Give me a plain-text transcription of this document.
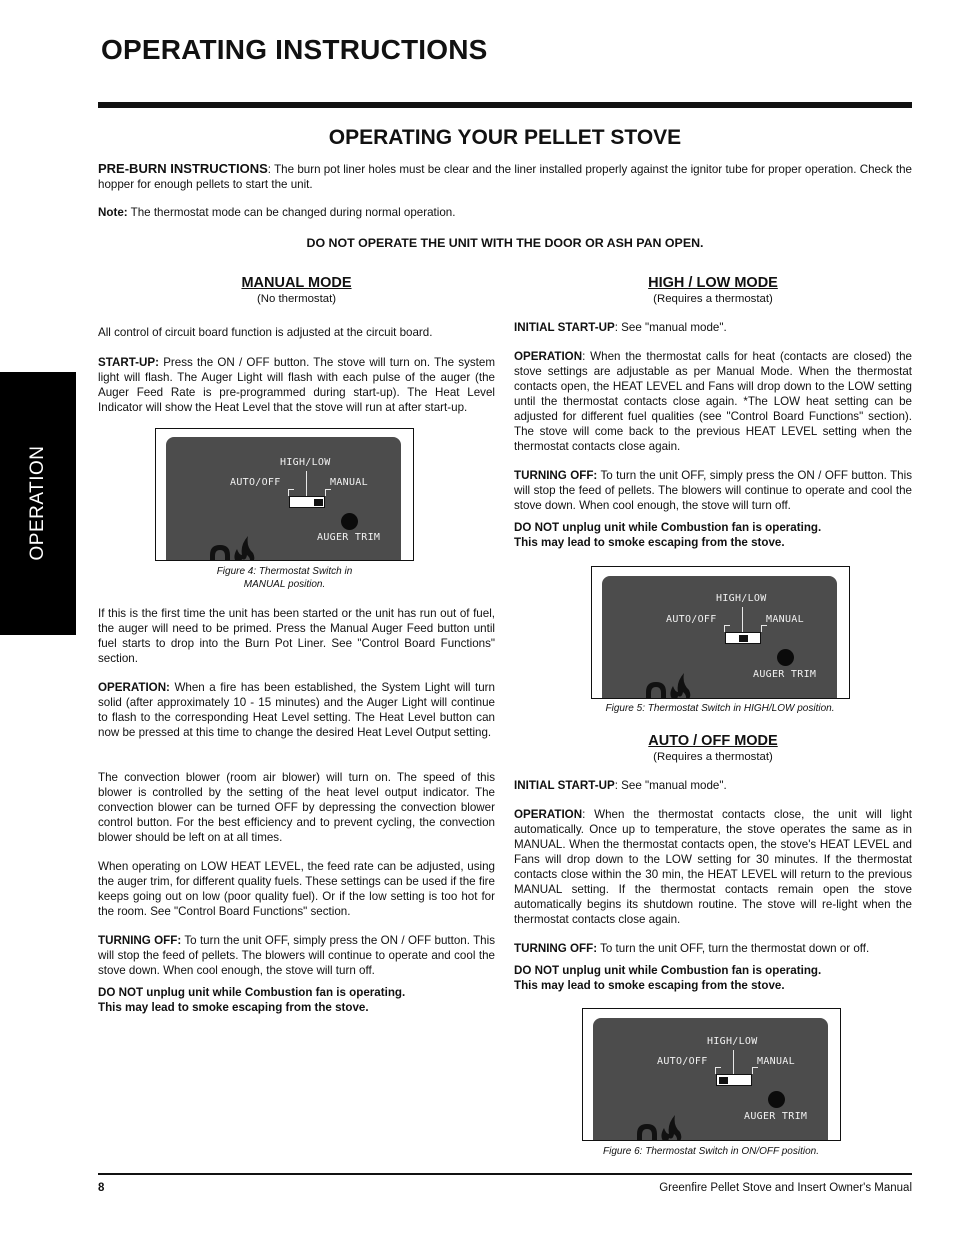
OPERATING INSTRUCTIONS
OPERATION
OPERATING YOUR PELLET STOVE

PRE-BURN INSTRUCTIONS: The burn pot liner holes must be clear and the liner installed properly against the ignitor tube for proper operation. Check the hopper for enough pellets to start the unit.

Note: The thermostat mode can be changed during normal operation.

DO NOT OPERATE THE UNIT WITH THE DOOR OR ASH PAN OPEN.

MANUAL MODE
(No thermostat)

All control of circuit board function is adjusted at the circuit board.

START-UP: Press the ON / OFF button. The stove will turn on. The system light will flash. The Auger Light will flash with each pulse of the auger (the Auger Feed Rate is pre-programmed during start-up). The Heat Level Indicator will show the Heat Level that the stove will run at after start-up.

HIGH/LOW
AUTO/OFF	MANUAL
AUGER TRIM

Figure 4: Thermostat Switch in
MANUAL position.

If this is the first time the unit has been started or the unit has run out of fuel, the auger will need to be primed. Press the Manual Auger Feed button until fuel starts to drop into the Burn Pot Liner. See "Control Board Functions" section.

OPERATION: When a fire has been established, the System Light will turn solid (after approximately 10 - 15 minutes) and the Auger Light will continue to flash to the corresponding Heat Level setting. The Heat Level button can now be pressed at this time to change the desired Heat Level Output setting.

The convection blower (room air blower) will turn on. The speed of this blower is controlled by the setting of the heat level output indicator. The convection blower can be turned OFF by depressing the convection blower control button. For the best efficiency and to prevent cycling, the convection blower should be left on at all times.

When operating on LOW HEAT LEVEL, the feed rate can be adjusted, using the auger trim, for different quality fuels. These settings can be used if the fire keeps going out on low (poor quality fuel). Or if the low setting is too hot for the room. See "Control Board Functions" section.

TURNING OFF: To turn the unit OFF, simply press the ON / OFF button. This will stop the feed of pellets. The blowers will continue to operate and cool the stove down. When cool enough, the stove will turn off.

DO NOT unplug unit while Combustion fan is operating.
This may lead to smoke escaping from the stove.

HIGH / LOW MODE
(Requires a thermostat)

INITIAL START-UP: See "manual mode".

OPERATION: When the thermostat calls for heat (contacts are closed) the stove settings are adjustable as per Manual Mode. When the thermostat contacts open, the HEAT LEVEL and Fans will drop down to the LOW setting until the thermostat contacts close again. *The LOW heat setting can be adjusted for different fuel qualities (see "Control Board Functions" section). The stove will come back to the previous HEAT LEVEL setting when the thermostat contacts close again.

TURNING OFF: To turn the unit OFF, simply press the ON / OFF button. This will stop the feed of pellets. The blowers will continue to operate and cool the stove down. When cool enough, the stove will turn off.

DO NOT unplug unit while Combustion fan is operating.
This may lead to smoke escaping from the stove.

HIGH/LOW
AUTO/OFF	MANUAL
AUGER TRIM

Figure 5: Thermostat Switch in HIGH/LOW position.

AUTO / OFF MODE
(Requires a thermostat)

INITIAL START-UP: See "manual mode".

OPERATION: When the thermostat contacts close, the unit will light automatically. Once up to temperature, the stove operates the same as in MANUAL. When the thermostat contacts open, the stove's HEAT LEVEL and Fans will drop down to the LOW setting for 30 minutes. If the thermostat contacts close within the 30 min, the HEAT LEVEL will return to the previous MANUAL setting. If the thermostat contacts remain open the stove automatically begins its shutdown routine. The stove will re-light when the thermostat contacts close again.

TURNING OFF: To turn the unit OFF, turn the thermostat down or off.

DO NOT unplug unit while Combustion fan is operating.
This may lead to smoke escaping from the stove.

HIGH/LOW
AUTO/OFF	MANUAL
AUGER TRIM

Figure 6: Thermostat Switch in ON/OFF position.

8	Greenfire Pellet Stove and Insert Owner's Manual
